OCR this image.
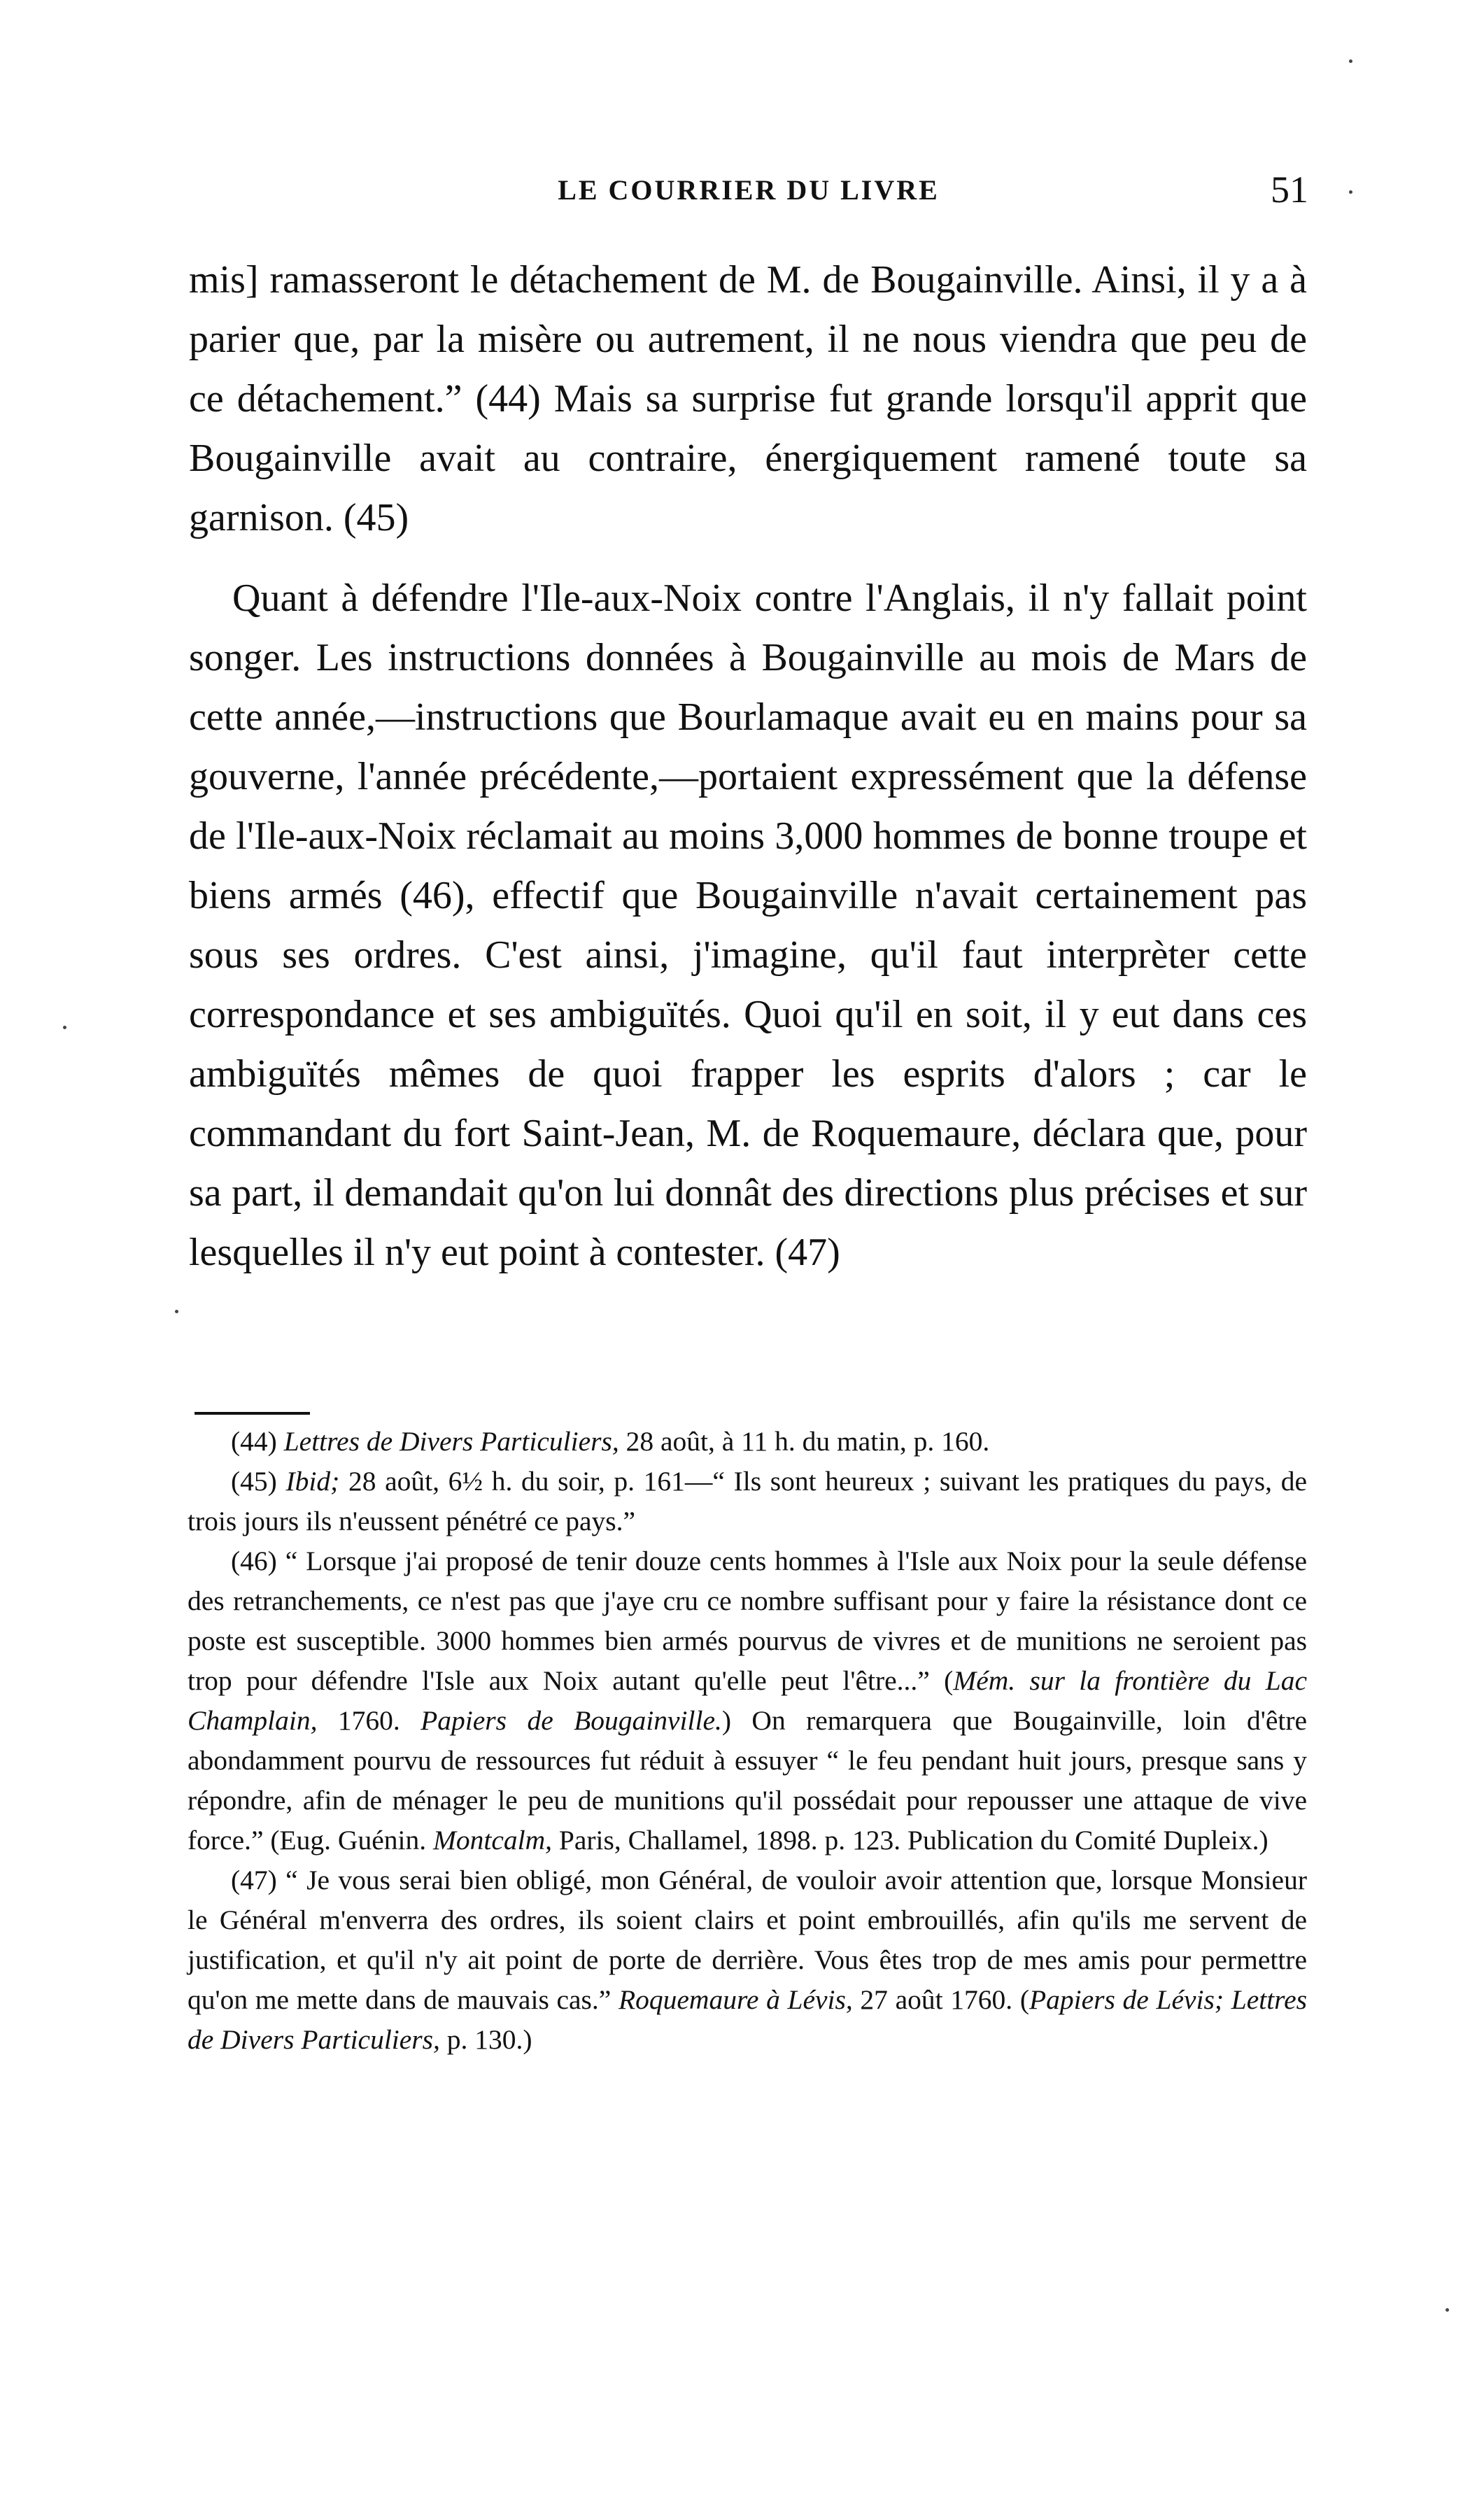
LE COURRIER DU LIVRE	51

mis] ramasseront le détachement de M. de Bougainville. Ainsi, il y a à parier que, par la misère ou autrement, il ne nous viendra que peu de ce détachement.” (44) Mais sa surprise fut grande lorsqu'il apprit que Bougainville avait au contraire, énergiquement ramené toute sa garnison. (45)

Quant à défendre l'Ile-aux-Noix contre l'Anglais, il n'y fallait point songer. Les instructions données à Bougainville au mois de Mars de cette année,—instructions que Bourlamaque avait eu en mains pour sa gouverne, l'année précédente,—portaient expressément que la défense de l'Ile-aux-Noix réclamait au moins 3,000 hommes de bonne troupe et biens armés (46), effectif que Bougainville n'avait certainement pas sous ses ordres. C'est ainsi, j'imagine, qu'il faut interprèter cette correspondance et ses ambiguïtés. Quoi qu'il en soit, il y eut dans ces ambiguïtés mêmes de quoi frapper les esprits d'alors ; car le commandant du fort Saint-Jean, M. de Roquemaure, déclara que, pour sa part, il demandait qu'on lui donnât des directions plus précises et sur lesquelles il n'y eut point à contester. (47)

(44) Lettres de Divers Particuliers, 28 août, à 11 h. du matin, p. 160.

(45) Ibid; 28 août, 6½ h. du soir, p. 161—“ Ils sont heureux ; suivant les pratiques du pays, de trois jours ils n'eussent pénétré ce pays.”

(46) “ Lorsque j'ai proposé de tenir douze cents hommes à l'Isle aux Noix pour la seule défense des retranchements, ce n'est pas que j'aye cru ce nombre suffisant pour y faire la résistance dont ce poste est susceptible. 3000 hommes bien armés pourvus de vivres et de munitions ne seroient pas trop pour défendre l'Isle aux Noix autant qu'elle peut l'être...” (Mém. sur la frontière du Lac Champlain, 1760. Papiers de Bougainville.) On remarquera que Bougainville, loin d'être abondamment pourvu de ressources fut réduit à essuyer “ le feu pendant huit jours, presque sans y répondre, afin de ménager le peu de munitions qu'il possédait pour repousser une attaque de vive force.” (Eug. Guénin. Montcalm, Paris, Challamel, 1898. p. 123. Publication du Comité Dupleix.)

(47) “ Je vous serai bien obligé, mon Général, de vouloir avoir attention que, lorsque Monsieur le Général m'enverra des ordres, ils soient clairs et point embrouillés, afin qu'ils me servent de justification, et qu'il n'y ait point de porte de derrière. Vous êtes trop de mes amis pour permettre qu'on me mette dans de mauvais cas.” Roquemaure à Lévis, 27 août 1760. (Papiers de Lévis; Lettres de Divers Particuliers, p. 130.)
